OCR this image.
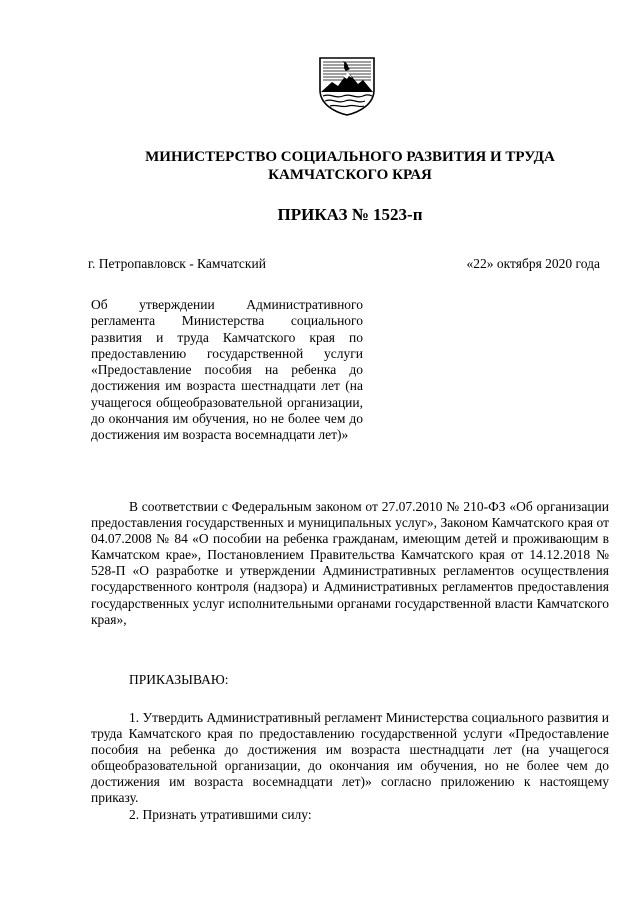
МИНИСТЕРСТВО СОЦИАЛЬНОГО РАЗВИТИЯ И ТРУДА
КАМЧАТСКОГО КРАЯ
ПРИКАЗ № 1523-п
г. Петропавловск - Камчатский	«22» октября 2020 года
Об утверждении Административного регламента Министерства социального развития и труда Камчатского края по предоставлению государственной услуги «Предоставление пособия на ребенка до достижения им возраста шестнадцати лет (на учащегося общеобразовательной организации, до окончания им обучения, но не более чем до достижения им возраста восемнадцати лет)»

В соответствии с Федеральным законом от 27.07.2010 № 210-ФЗ «Об организации предоставления государственных и муниципальных услуг», Законом Камчатского края от 04.07.2008 № 84 «О пособии на ребенка гражданам, имеющим детей и проживающим в Камчатском крае», Постановлением Правительства Камчатского края от 14.12.2018 № 528-П «О разработке и утверждении Административных регламентов осуществления государственного контроля (надзора) и Административных регламентов предоставления государственных услуг исполнительными органами государственной власти Камчатского края»,

ПРИКАЗЫВАЮ:

1. Утвердить Административный регламент Министерства социального развития и труда Камчатского края по предоставлению государственной услуги «Предоставление пособия на ребенка до достижения им возраста шестнадцати лет (на учащегося общеобразовательной организации, до окончания им обучения, но не более чем до достижения им возраста восемнадцати лет)» согласно приложению к настоящему приказу.

2. Признать утратившими силу:
